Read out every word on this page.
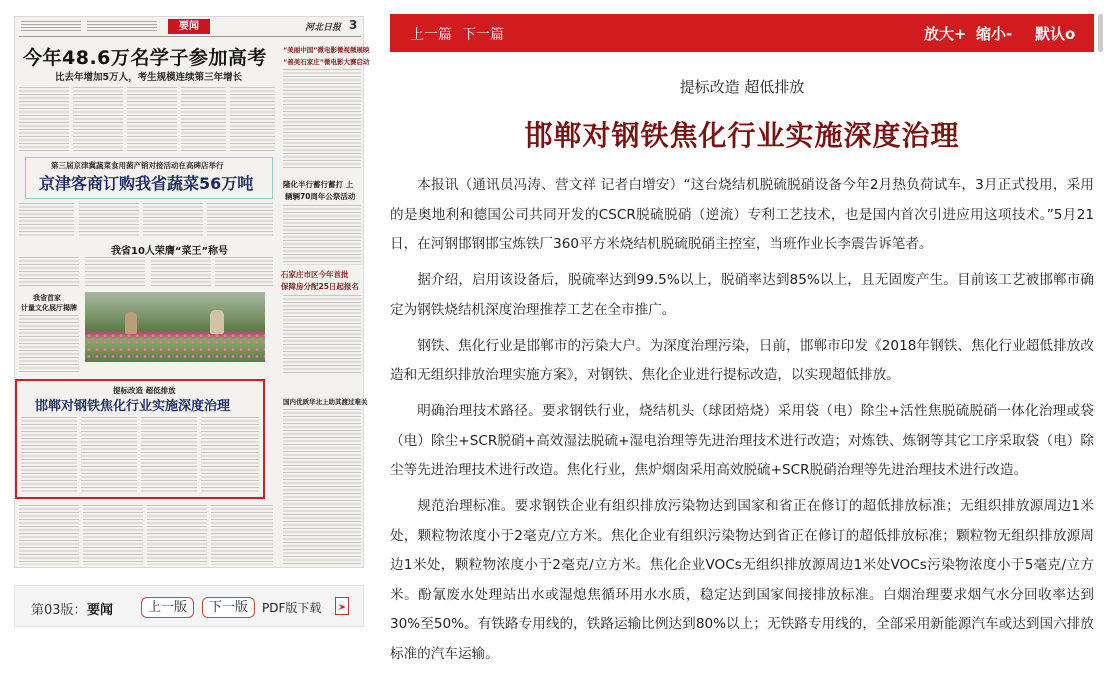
要闻	河北日报 3
今年48.6万名学子参加高考
比去年增加5万人，考生规模连续第三年增长
“美丽中国”微电影微视频展映
“善美石家庄”微电影大赛启动
第三届京津冀蔬菜食用菌产销对接活动在高碑店举行
京津客商订购我省蔬菜56万吨	隆化半行蓄行蓄打 上
辆辆70周年公祭活动
我省10人荣膺“菜王”称号
石家庄市区今年首批
保障房分配25日起报名
我省首家
计量文化展厅揭牌
提标改造 超低排放
邯郸对钢铁焦化行业实施深度治理	国内优质华北上助其渡过难关
第03版： 要闻	上一版	下一版	PDF版下载
上一篇 下一篇	放大+ 缩小- 默认o
提标改造 超低排放
邯郸对钢铁焦化行业实施深度治理

本报讯（通讯员冯涛、营文祥 记者白增安）“这台烧结机脱硫脱硝设备今年2月热负荷试车，3月正式投用，采用的是奥地利和德国公司共同开发的CSCR脱硫脱硝（逆流）专利工艺技术，也是国内首次引进应用这项技术。”5月21日，在河钢邯钢邯宝炼铁厂360平方米烧结机脱硫脱硝主控室，当班作业长李震告诉笔者。

据介绍，启用该设备后，脱硫率达到99.5%以上，脱硝率达到85%以上，且无固废产生。目前该工艺被邯郸市确定为钢铁烧结机深度治理推荐工艺在全市推广。

钢铁、焦化行业是邯郸市的污染大户。为深度治理污染，日前，邯郸市印发《2018年钢铁、焦化行业超低排放改造和无组织排放治理实施方案》，对钢铁、焦化企业进行提标改造，以实现超低排放。

明确治理技术路径。要求钢铁行业，烧结机头（球团焙烧）采用袋（电）除尘+活性焦脱硫脱硝一体化治理或袋（电）除尘+SCR脱硝+高效湿法脱硫+湿电治理等先进治理技术进行改造；对炼铁、炼钢等其它工序采取袋（电）除尘等先进治理技术进行改造。焦化行业，焦炉烟囱采用高效脱硫+SCR脱硝治理等先进治理技术进行改造。

规范治理标准。要求钢铁企业有组织排放污染物达到国家和省正在修订的超低排放标准；无组织排放源周边1米处，颗粒物浓度小于2毫克/立方米。焦化企业有组织污染物达到省正在修订的超低排放标准；颗粒物无组织排放源周边1米处，颗粒物浓度小于2毫克/立方米。焦化企业VOCs无组织排放源周边1米处VOCs污染物浓度小于5毫克/立方米。酚氰废水处理站出水或湿熄焦循环用水水质，稳定达到国家间接排放标准。白烟治理要求烟气水分回收率达到30%至50%。有铁路专用线的，铁路运输比例达到80%以上；无铁路专用线的，全部采用新能源汽车或达到国六排放标准的汽车运输。
